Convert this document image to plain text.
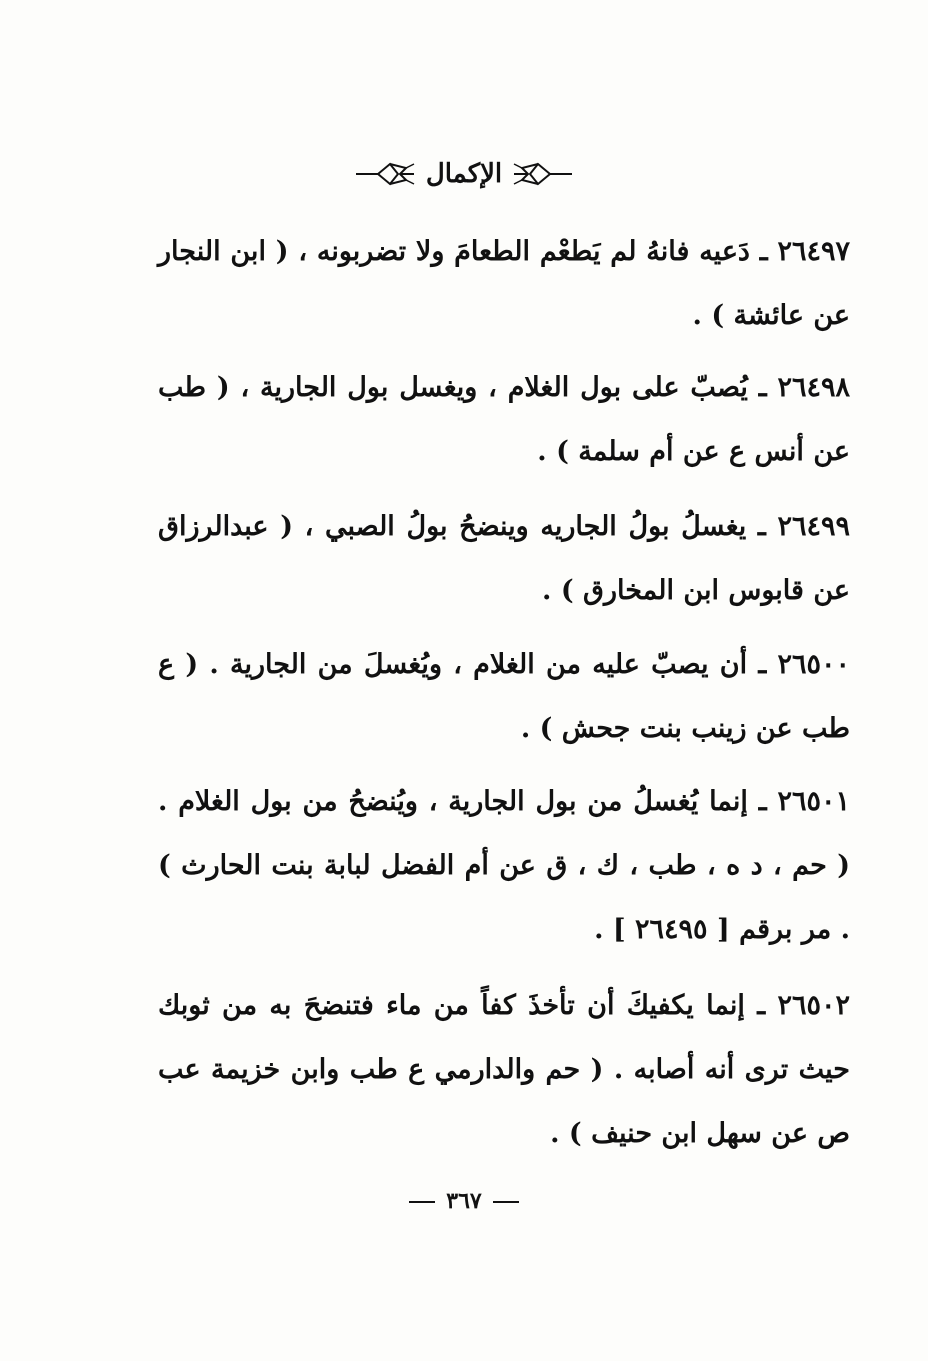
الإكمال

٢٦٤٩٧ ـ دَعيه فانهُ لم يَطعْم الطعامَ ولا تضربونه ، ( ابن النجار عن عائشة ) .

٢٦٤٩٨ ـ يُصبّ على بول الغلام ، ويغسل بول الجارية ، ( طب عن أنس ع عن أم سلمة ) .

٢٦٤٩٩ ـ يغسلُ بولُ الجاريه وينضحُ بولُ الصبي ، ( عبدالرزاق عن قابوس ابن المخارق ) .

٢٦٥٠٠ ـ أن يصبّ عليه من الغلام ، ويُغسلَ من الجارية . ( ع طب عن زينب بنت جحش ) .

٢٦٥٠١ ـ إنما يُغسلُ من بول الجارية ، ويُنضحُ من بول الغلام . ( حم ، د ه ، طب ، ك ، ق عن أم الفضل لبابة بنت الحارث ) . مر برقم [ ٢٦٤٩٥ ] .

٢٦٥٠٢ ـ إنما يكفيكَ أن تأخذَ كفاً من ماء فتنضحَ به من ثوبك حيث ترى أنه أصابه . ( حم والدارمي ع طب وابن خزيمة عب ص عن سهل ابن حنيف ) .

٣٦٧
